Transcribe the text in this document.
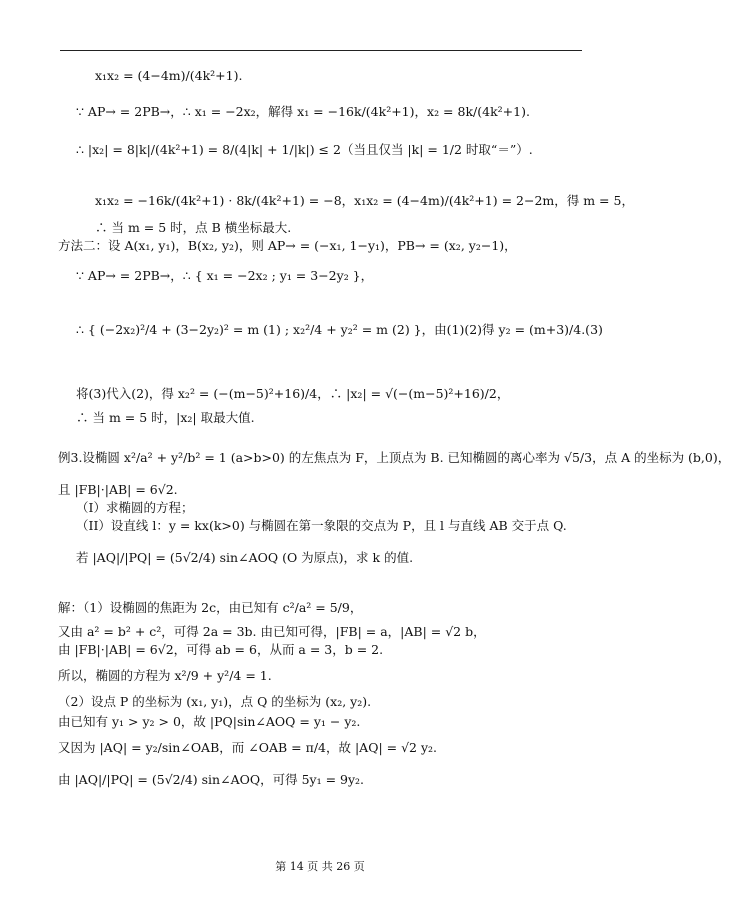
x₁x₂ = (4−4m)/(4k²+1).
∵ AP→ = 2PB→，∴ x₁ = −2x₂，解得 x₁ = −16k/(4k²+1)，x₂ = 8k/(4k²+1).
∴ |x₂| = 8|k|/(4k²+1) = 8/(4|k| + 1/|k|) ≤ 2（当且仅当 |k| = 1/2 时取“＝”）.
x₁x₂ = −16k/(4k²+1) · 8k/(4k²+1) = −8，x₁x₂ = (4−4m)/(4k²+1) = 2−2m，得 m = 5，
∴ 当 m = 5 时，点 B 横坐标最大.
方法二：设 A(x₁, y₁)，B(x₂, y₂)，则 AP→ = (−x₁, 1−y₁)，PB→ = (x₂, y₂−1)，
∵ AP→ = 2PB→，∴ { x₁ = −2x₂ ; y₁ = 3−2y₂ }，
∴ { (−2x₂)²/4 + (3−2y₂)² = m (1) ; x₂²/4 + y₂² = m (2) }，由(1)(2)得 y₂ = (m+3)/4.(3)
将(3)代入(2)，得 x₂² = (−(m−5)²+16)/4，∴ |x₂| = √(−(m−5)²+16)/2，
∴ 当 m = 5 时，|x₂| 取最大值.
例3.设椭圆 x²/a² + y²/b² = 1 (a>b>0) 的左焦点为 F，上顶点为 B. 已知椭圆的离心率为 √5/3，点 A 的坐标为 (b,0)，
且 |FB|·|AB| = 6√2.
（I）求椭圆的方程；
（II）设直线 l：y = kx(k>0) 与椭圆在第一象限的交点为 P，且 l 与直线 AB 交于点 Q.
若 |AQ|/|PQ| = (5√2/4) sin∠AOQ (O 为原点)，求 k 的值.
解：（1）设椭圆的焦距为 2c，由已知有 c²/a² = 5/9，
又由 a² = b² + c²，可得 2a = 3b. 由已知可得，|FB| = a，|AB| = √2 b，
由 |FB|·|AB| = 6√2，可得 ab = 6，从而 a = 3，b = 2.
所以，椭圆的方程为 x²/9 + y²/4 = 1.
（2）设点 P 的坐标为 (x₁, y₁)，点 Q 的坐标为 (x₂, y₂).
由已知有 y₁ > y₂ > 0，故 |PQ|sin∠AOQ = y₁ − y₂.
又因为 |AQ| = y₂/sin∠OAB，而 ∠OAB = π/4，故 |AQ| = √2 y₂.
由 |AQ|/|PQ| = (5√2/4) sin∠AOQ，可得 5y₁ = 9y₂.
第 14 页 共 26 页
